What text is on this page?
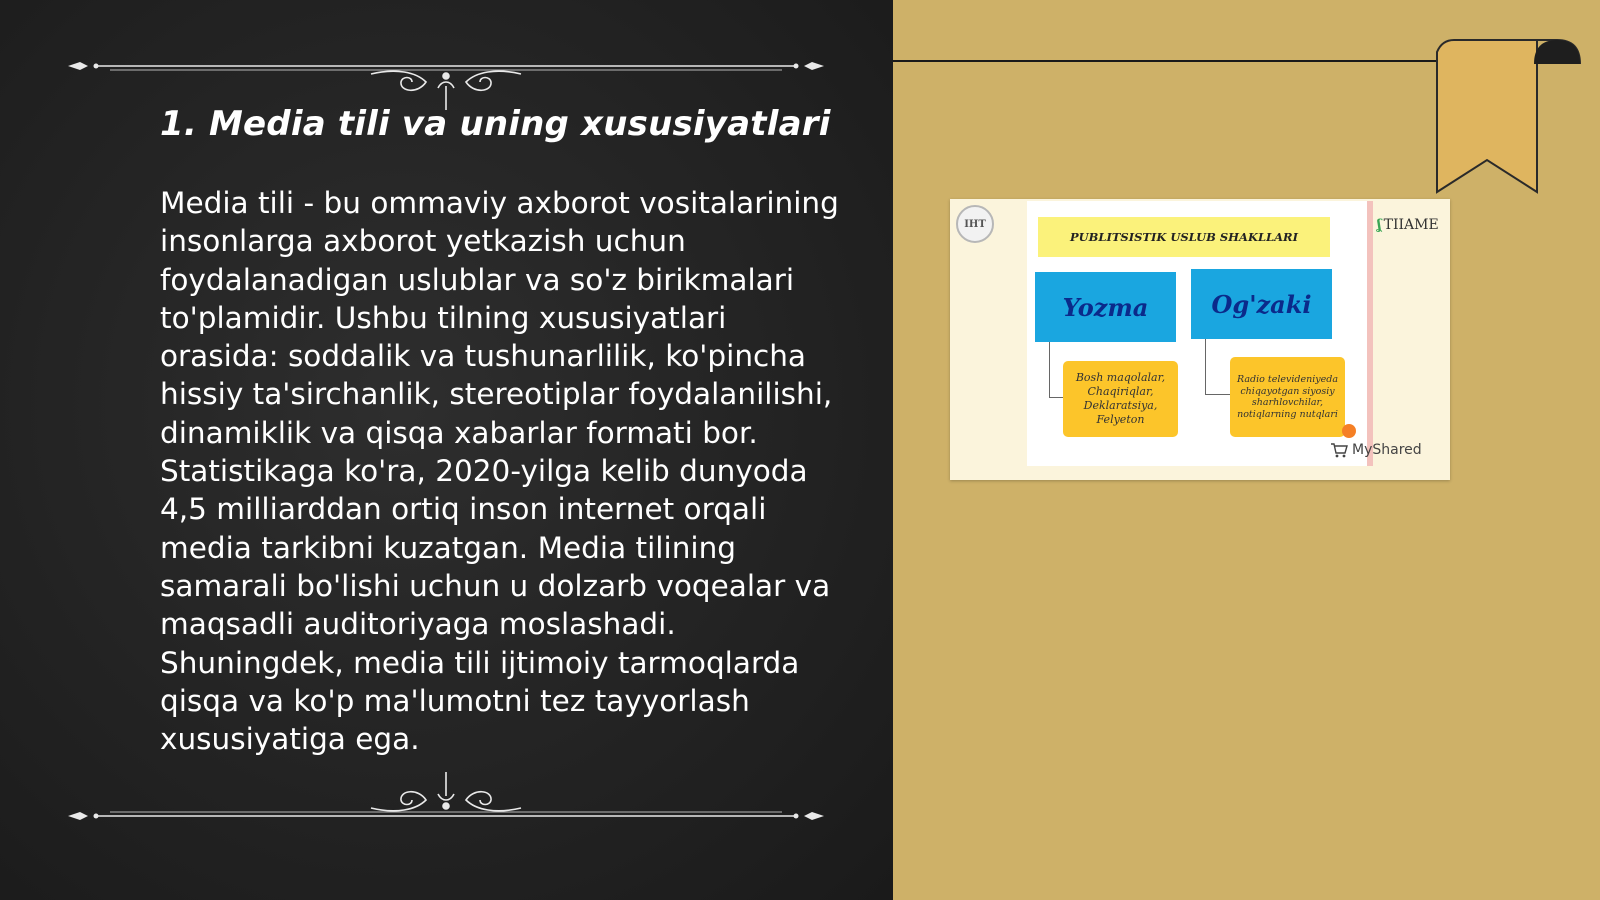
1. Media tili va uning xususiyatlari

Media tili - bu ommaviy axborot vositalarining insonlarga axborot yetkazish uchun foydalanadigan uslublar va so'z birikmalari to'plamidir. Ushbu tilning xususiyatlari orasida: soddalik va tushunarlilik, ko'pincha hissiy ta'sirchanlik, stereotiplar foydalanilishi, dinamiklik va qisqa xabarlar formati bor. Statistikaga ko'ra, 2020-yilga kelib dunyoda 4,5 milliarddan ortiq inson internet orqali media tarkibni kuzatgan. Media tilining samarali bo'lishi uchun u dolzarb voqealar va maqsadli auditoriyaga moslashadi. Shuningdek, media tili ijtimoiy tarmoqlarda qisqa va ko'p ma'lumotni tez tayyorlash xususiyatiga ega.

IHT
PUBLITSISTIK USLUB SHAKLLARI
ʆ TIIAME
Yozma	Og'zaki
Bosh maqolalar, Chaqiriqlar, Deklaratsiya, Felyeton
Radio televideniyeda chiqayotgan siyosiy sharhlovchilar, notiqlarning nutqlari
MyShared
